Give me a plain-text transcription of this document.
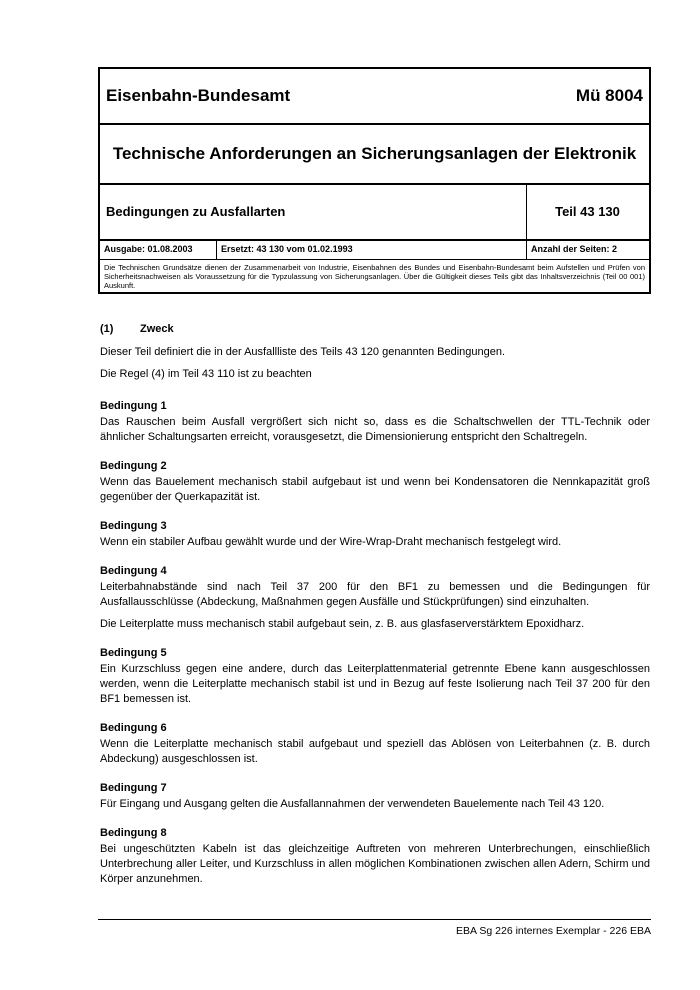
Eisenbahn-Bundesamt	Mü 8004
Technische Anforderungen an Sicherungsanlagen der Elektronik
Bedingungen zu Ausfallarten	Teil 43 130
Ausgabe: 01.08.2003	Ersetzt: 43 130 vom 01.02.1993	Anzahl der Seiten: 2
Die Technischen Grundsätze dienen der Zusammenarbeit von Industrie, Eisenbahnen des Bundes und Eisenbahn-Bundesamt beim Aufstellen und Prüfen von Sicherheitsnachweisen als Voraussetzung für die Typzulassung von Sicherungsanlagen. Über die Gültigkeit dieses Teils gibt das Inhaltsverzeichnis (Teil 00 001) Auskunft.
(1) Zweck

Dieser Teil definiert die in der Ausfallliste des Teils 43 120 genannten Bedingungen.

Die Regel (4) im Teil 43 110 ist zu beachten

Bedingung 1

Das Rauschen beim Ausfall vergrößert sich nicht so, dass es die Schaltschwellen der TTL-Technik oder ähnlicher Schaltungsarten erreicht, vorausgesetzt, die Dimensionierung entspricht den Schaltregeln.

Bedingung 2

Wenn das Bauelement mechanisch stabil aufgebaut ist und wenn bei Kondensatoren die Nennkapazität groß gegenüber der Querkapazität ist.

Bedingung 3

Wenn ein stabiler Aufbau gewählt wurde und der Wire-Wrap-Draht mechanisch festgelegt wird.

Bedingung 4

Leiterbahnabstände sind nach Teil 37 200 für den BF1 zu bemessen und die Bedingungen für Ausfallausschlüsse (Abdeckung, Maßnahmen gegen Ausfälle und Stückprüfungen) sind einzuhalten.

Die Leiterplatte muss mechanisch stabil aufgebaut sein, z. B. aus glasfaserverstärktem Epoxidharz.

Bedingung 5

Ein Kurzschluss gegen eine andere, durch das Leiterplattenmaterial getrennte Ebene kann ausgeschlossen werden, wenn die Leiterplatte mechanisch stabil ist und in Bezug auf feste Isolierung nach Teil 37 200 für den BF1 bemessen ist.

Bedingung 6

Wenn die Leiterplatte mechanisch stabil aufgebaut und speziell das Ablösen von Leiterbahnen (z. B. durch Abdeckung) ausgeschlossen ist.

Bedingung 7

Für Eingang und Ausgang gelten die Ausfallannahmen der verwendeten Bauelemente nach Teil 43 120.

Bedingung 8

Bei ungeschützten Kabeln ist das gleichzeitige Auftreten von mehreren Unterbrechungen, einschließlich Unterbrechung aller Leiter, und Kurzschluss in allen möglichen Kombinationen zwischen allen Adern, Schirm und Körper anzunehmen.

EBA Sg 226 internes Exemplar - 226 EBA
